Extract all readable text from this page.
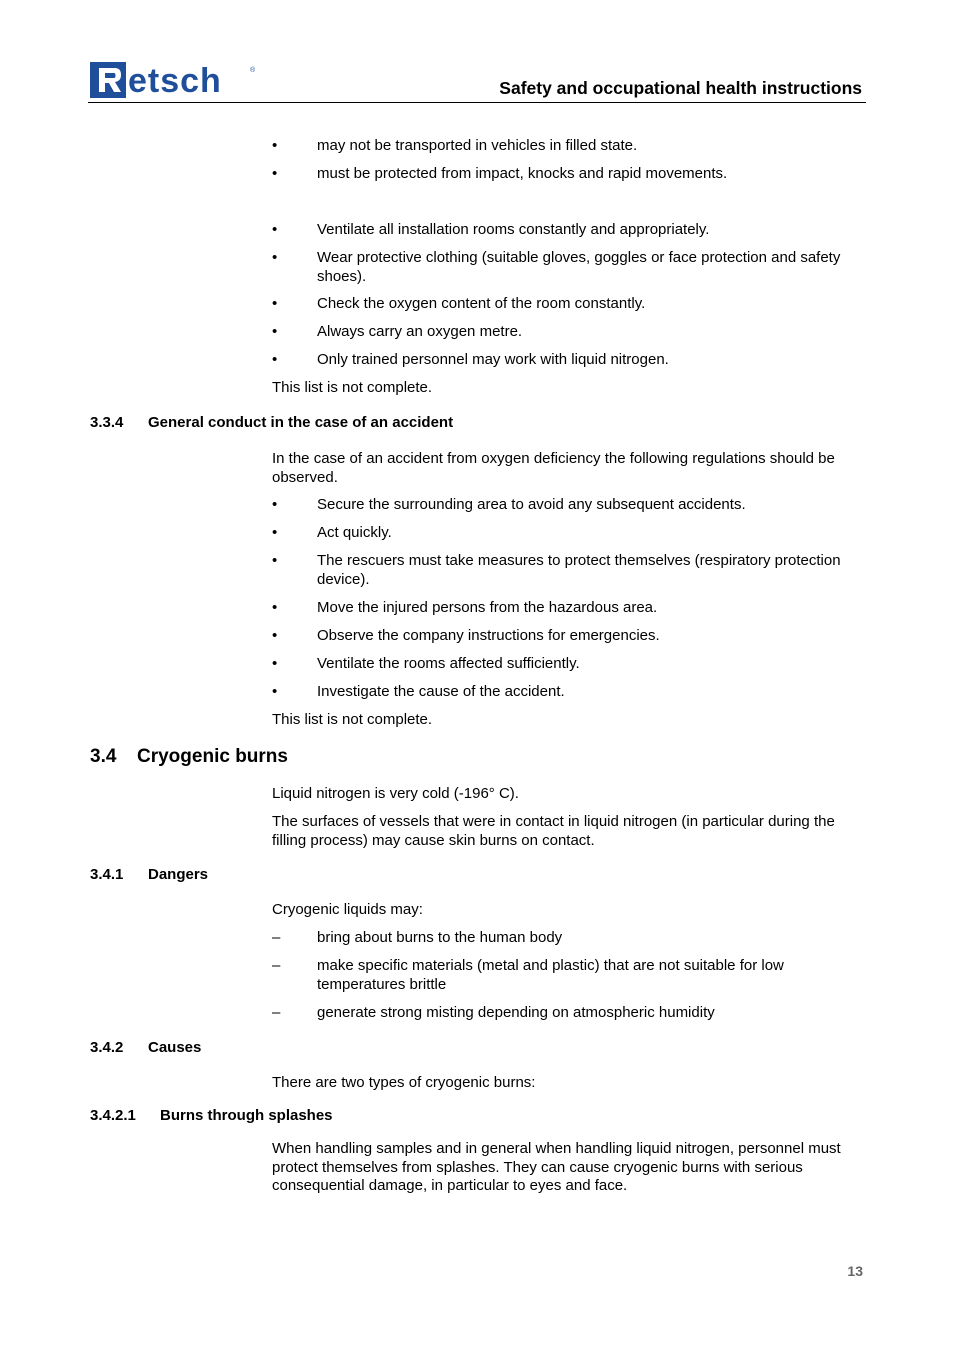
etsch	®
Safety and occupational health instructions
•	may not be transported in vehicles in filled state.
•	must be protected from impact, knocks and rapid movements.
•	Ventilate all installation rooms constantly and appropriately.
•	Wear protective clothing (suitable gloves, goggles or face protection and safety shoes).
•	Check the oxygen content of the room constantly.
•	Always carry an oxygen metre.
•	Only trained personnel may work with liquid nitrogen.
This list is not complete.
3.3.4 General conduct in the case of an accident
In the case of an accident from oxygen deficiency the following regulations should be observed.
•	Secure the surrounding area to avoid any subsequent accidents.
•	Act quickly.
•	The rescuers must take measures to protect themselves (respiratory protection device).
•	Move the injured persons from the hazardous area.
•	Observe the company instructions for emergencies.
•	Ventilate the rooms affected sufficiently.
•	Investigate the cause of the accident.
This list is not complete.
3.4 Cryogenic burns
Liquid nitrogen is very cold (-196° C).
The surfaces of vessels that were in contact in liquid nitrogen (in particular during the filling process) may cause skin burns on contact.
3.4.1 Dangers
Cryogenic liquids may:
– bring about burns to the human body
– make specific materials (metal and plastic) that are not suitable for low temperatures brittle
– generate strong misting depending on atmospheric humidity
3.4.2 Causes
There are two types of cryogenic burns:
3.4.2.1 Burns through splashes
When handling samples and in general when handling liquid nitrogen, personnel must protect themselves from splashes. They can cause cryogenic burns with serious consequential damage, in particular to eyes and face.
13
